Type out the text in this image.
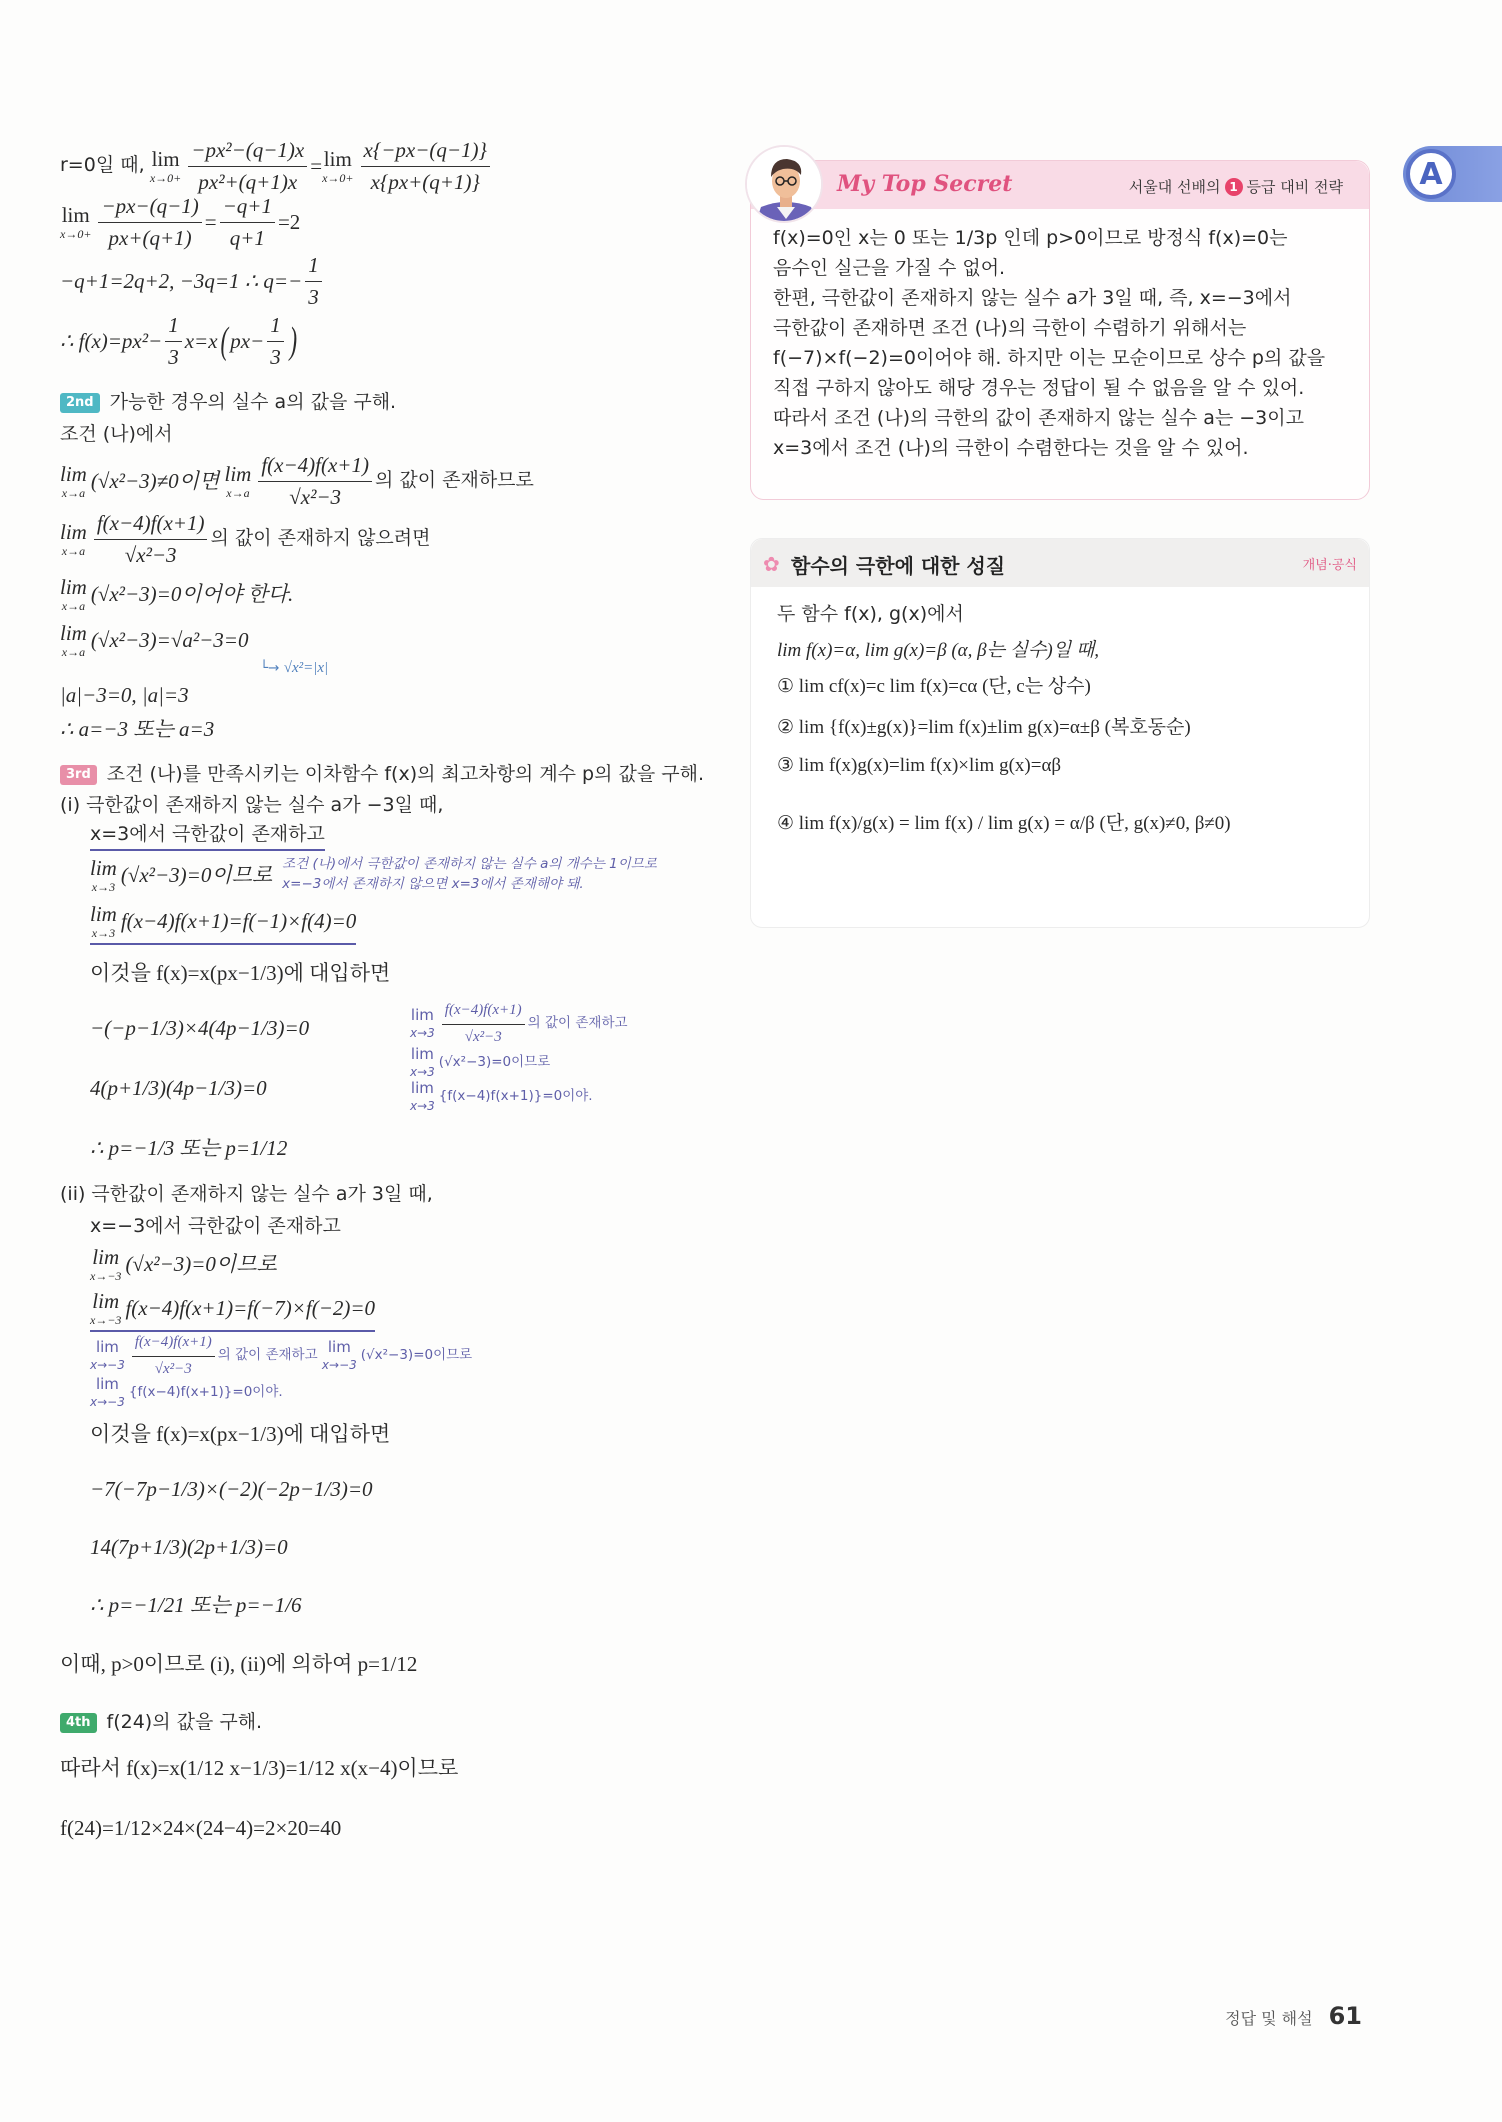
A
r=0일 때,
lim
$x\to 0+ \frac{\text{−px²−(q−1)x}}{\text{px²+(q+1)x}} = \lim$
$x\to 0+ \frac{x\{-px-(q-1)\}}{x\{px+(q+1)\}}$
lim
$x\to 0+ \frac{-px-(q-1)}{px+(q+1)} = \frac{-q+1}{q+1} =2$
−q+1=2q+2, −3q=1 ∴ $q=- \frac{1}{3}$
∴ $f(x)=px^2- \frac{1}{3} x=x$ ( $px- \frac{1}{3}$ )
2nd 가능한 경우의 실수 a의 값을 구해.
조건 (나)에서
lim
x→a (√x²−3)≠0이면
lim
$x\to a \frac{f(x-4)f(x+1)}{\text{√x²−3}}$ 의 값이 존재하므로
lim
$x\to a \frac{f(x-4)f(x+1)}{\text{√x²−3}}$ 의 값이 존재하지 않으려면
lim
x→a (√x²−3)=0이어야 한다.
lim
x→a (√x²−3)=√a²−3=0
└→ √x²=|x|
|a|−3=0, |a|=3
∴ a=−3 또는 a=3
3rd 조건 (나)를 만족시키는 이차함수 f(x)의 최고차항의 계수 p의 값을 구해.
(i) 극한값이 존재하지 않는 실수 a가 −3일 때,
x=3에서 극한값이 존재하고
lim
x→3 (√x²−3)=0이므로 조건 (나)에서 극한값이 존재하지 않는 실수 a의 개수는 1이므로
x=−3에서 존재하지 않으면 x=3에서 존재해야 돼.
lim
x→3 f(x−4)f(x+1)=f(−1)×f(4)=0
이것을 f(x)=x(px−1/3)에 대입하면
−(−p−1/3)×4(4p−1/3)=0
4(p+1/3)(4p−1/3)=0
∴ p=−1/3 또는 p=1/12
lim
$x\to 3 \frac{f(x-4)f(x+1)}{\text{√x²−3}}$ 의 값이 존재하고
lim
x→3
(√x²−3)=0이므로
lim
x→3
{f(x−4)f(x+1)}=0이야.
(ii) 극한값이 존재하지 않는 실수 a가 3일 때,
x=−3에서 극한값이 존재하고
lim
x→−3 (√x²−3)=0이므로
lim
x→−3 f(x−4)f(x+1)=f(−7)×f(−2)=0
lim
$x\to-3 \frac{f(x-4)f(x+1)}{\text{√x²−3}}$ 의 값이 존재하고
lim
x→−3
(√x²−3)=0이므로
lim
x→−3
{f(x−4)f(x+1)}=0이야.
이것을 f(x)=x(px−1/3)에 대입하면
−7(−7p−1/3)×(−2)(−2p−1/3)=0
14(7p+1/3)(2p+1/3)=0
∴ p=−1/21 또는 p=−1/6
이때, p>0이므로 (i), (ii)에 의하여 p=1/12
4th f(24)의 값을 구해.
따라서 f(x)=x(1/12 x−1/3)=1/12 x(x−4)이므로
f(24)=1/12×24×(24−4)=2×20=40
My Top Secret	서울대 선배의 1 등급 대비 전략
f(x)=0인 x는 0 또는 1/3p 인데 p>0이므로 방정식 f(x)=0는
음수인 실근을 가질 수 없어.
한편, 극한값이 존재하지 않는 실수 a가 3일 때, 즉, x=−3에서
극한값이 존재하면 조건 (나)의 극한이 수렴하기 위해서는
f(−7)×f(−2)=0이어야 해. 하지만 이는 모순이므로 상수 p의 값을
직접 구하지 않아도 해당 경우는 정답이 될 수 없음을 알 수 있어.
따라서 조건 (나)의 극한의 값이 존재하지 않는 실수 a는 −3이고
x=3에서 조건 (나)의 극한이 수렴한다는 것을 알 수 있어.
✿ 함수의 극한에 대한 성질	개념·공식
두 함수 f(x), g(x)에서
lim f(x)=α, lim g(x)=β (α, β는 실수)일 때,
① lim cf(x)=c lim f(x)=cα (단, c는 상수)
② lim {f(x)±g(x)}=lim f(x)±lim g(x)=α±β (복호동순)
③ lim f(x)g(x)=lim f(x)×lim g(x)=αβ
④ lim f(x)/g(x) = lim f(x) / lim g(x) = α/β (단, g(x)≠0, β≠0)
정답 및 해설 61
